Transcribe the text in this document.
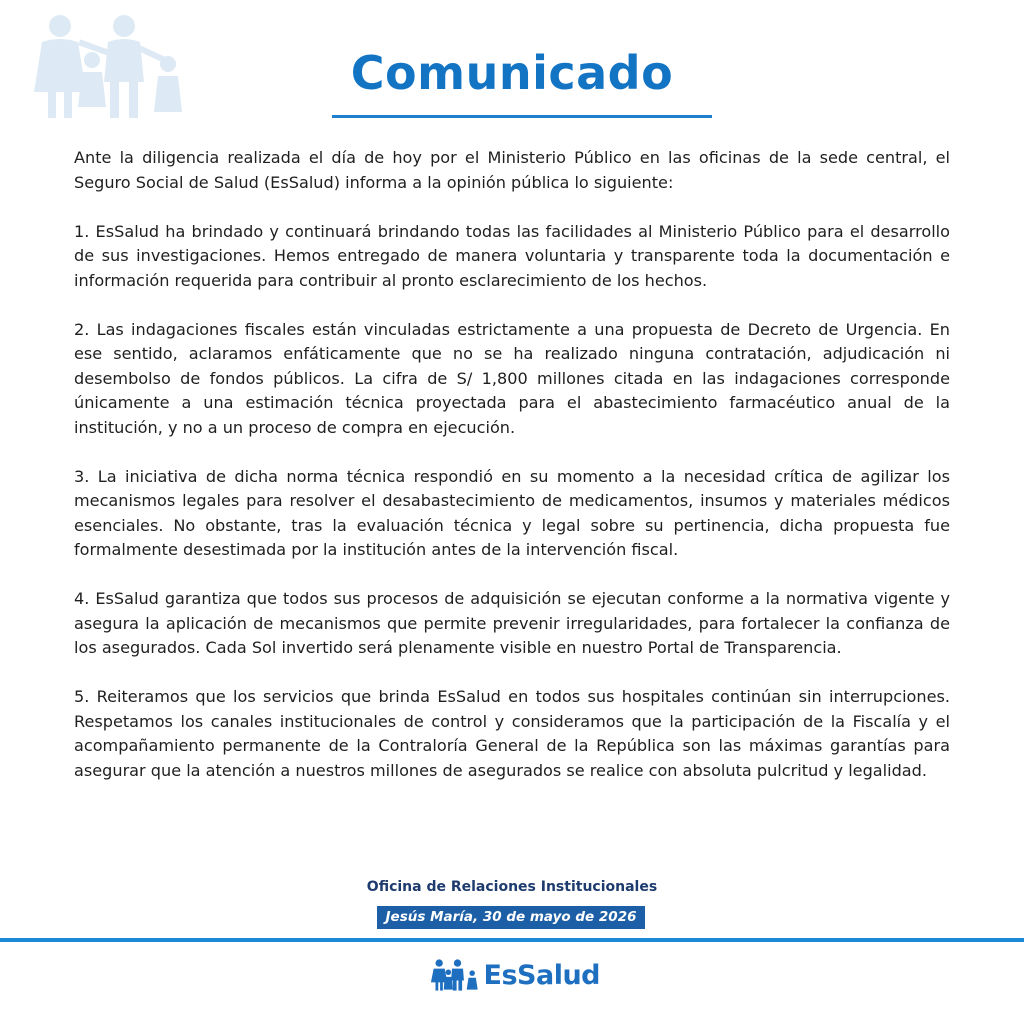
Comunicado

Ante la diligencia realizada el día de hoy por el Ministerio Público en las oficinas de la sede central, el Seguro Social de Salud (EsSalud) informa a la opinión pública lo siguiente:

1. EsSalud ha brindado y continuará brindando todas las facilidades al Ministerio Público para el desarrollo de sus investigaciones. Hemos entregado de manera voluntaria y transparente toda la documentación e información requerida para contribuir al pronto esclarecimiento de los hechos.

2. Las indagaciones fiscales están vinculadas estrictamente a una propuesta de Decreto de Urgencia. En ese sentido, aclaramos enfáticamente que no se ha realizado ninguna contratación, adjudicación ni desembolso de fondos públicos. La cifra de S/ 1,800 millones citada en las indagaciones corresponde únicamente a una estimación técnica proyectada para el abastecimiento farmacéutico anual de la institución, y no a un proceso de compra en ejecución.

3. La iniciativa de dicha norma técnica respondió en su momento a la necesidad crítica de agilizar los mecanismos legales para resolver el desabastecimiento de medicamentos, insumos y materiales médicos esenciales. No obstante, tras la evaluación técnica y legal sobre su pertinencia, dicha propuesta fue formalmente desestimada por la institución antes de la intervención fiscal.

4. EsSalud garantiza que todos sus procesos de adquisición se ejecutan conforme a la normativa vigente y asegura la aplicación de mecanismos que permite prevenir irregularidades, para fortalecer la confianza de los asegurados. Cada Sol invertido será plenamente visible en nuestro Portal de Transparencia.

5. Reiteramos que los servicios que brinda EsSalud en todos sus hospitales continúan sin interrupciones. Respetamos los canales institucionales de control y consideramos que la participación de la Fiscalía y el acompañamiento permanente de la Contraloría General de la República son las máximas garantías para asegurar que la atención a nuestros millones de asegurados se realice con absoluta pulcritud y legalidad.

Oficina de Relaciones Institucionales
Jesús María, 30 de mayo de 2026
EsSalud
